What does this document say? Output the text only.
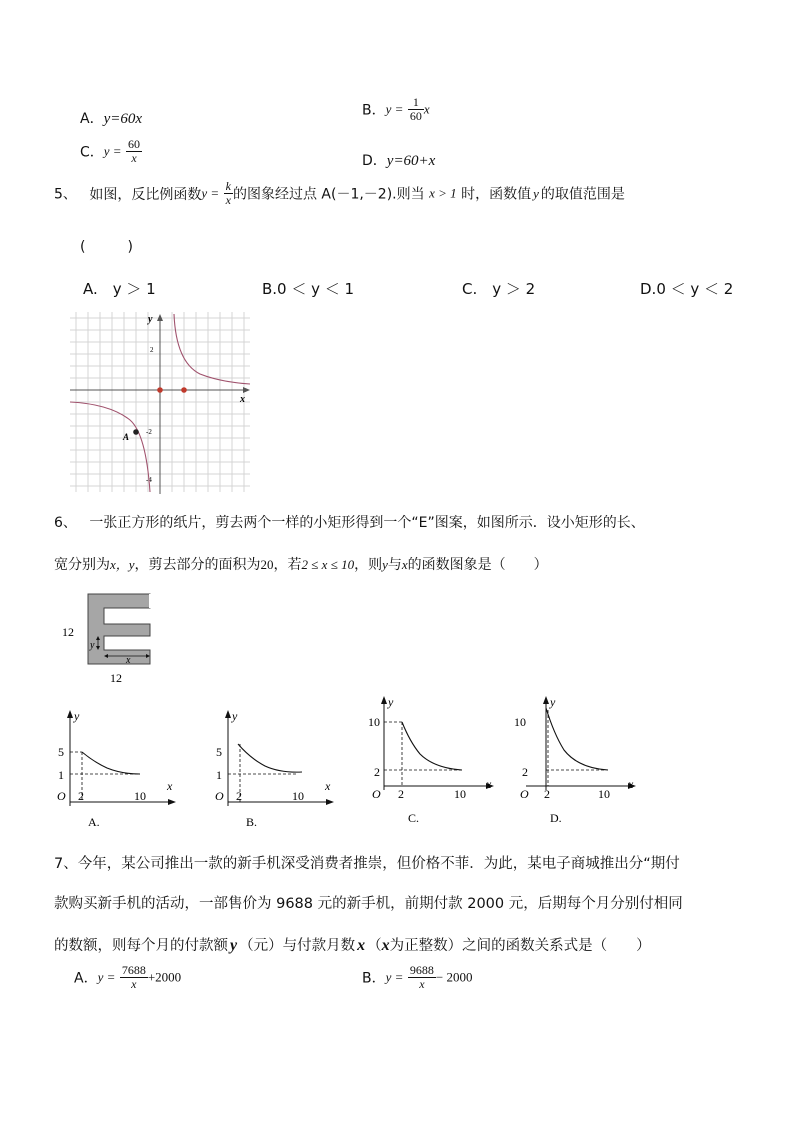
A．y=60x
B．$y = \frac{1}{60}$ x
C．$y = \frac{60}{x}$	D．y=60+x
5、 如图，反比例函数$y = \frac{k}{x}$ 的图象经过点 A(－1,－2).则当 x > 1 时，函数值 y 的取值范围是
(　　　)
A.　y ＞ 1	B.0 ＜ y ＜ 1	C.　y ＞ 2	D.0 ＜ y ＜ 2
y
x
2
-2
-4
A
6、 一张正方形的纸片，剪去两个一样的小矩形得到一个“E”图案，如图所示．设小矩形的长、
宽分别为x，y，剪去部分的面积为20，若2 ≤ x ≤ 10，则y与x的函数图象是（　　）
y
x
12
12
y
x
O
5
1
2	10
A.
y
x
O
5
1
2	10
B.
y
x
O
10
2
2	10
C.
y
x
O
10
2
2	10
D.
7、今年，某公司推出一款的新手机深受消费者推崇，但价格不菲．为此，某电子商城推出分“期付
款购买新手机的活动，一部售价为 9688 元的新手机，前期付款 2000 元，后期每个月分别付相同
的数额，则每个月的付款额 y （元）与付款月数 x （x为正整数）之间的函数关系式是（　　）
A．$y = \frac{7688}{x} +2000$	B．$y = \frac{9688}{x} - 2000$
